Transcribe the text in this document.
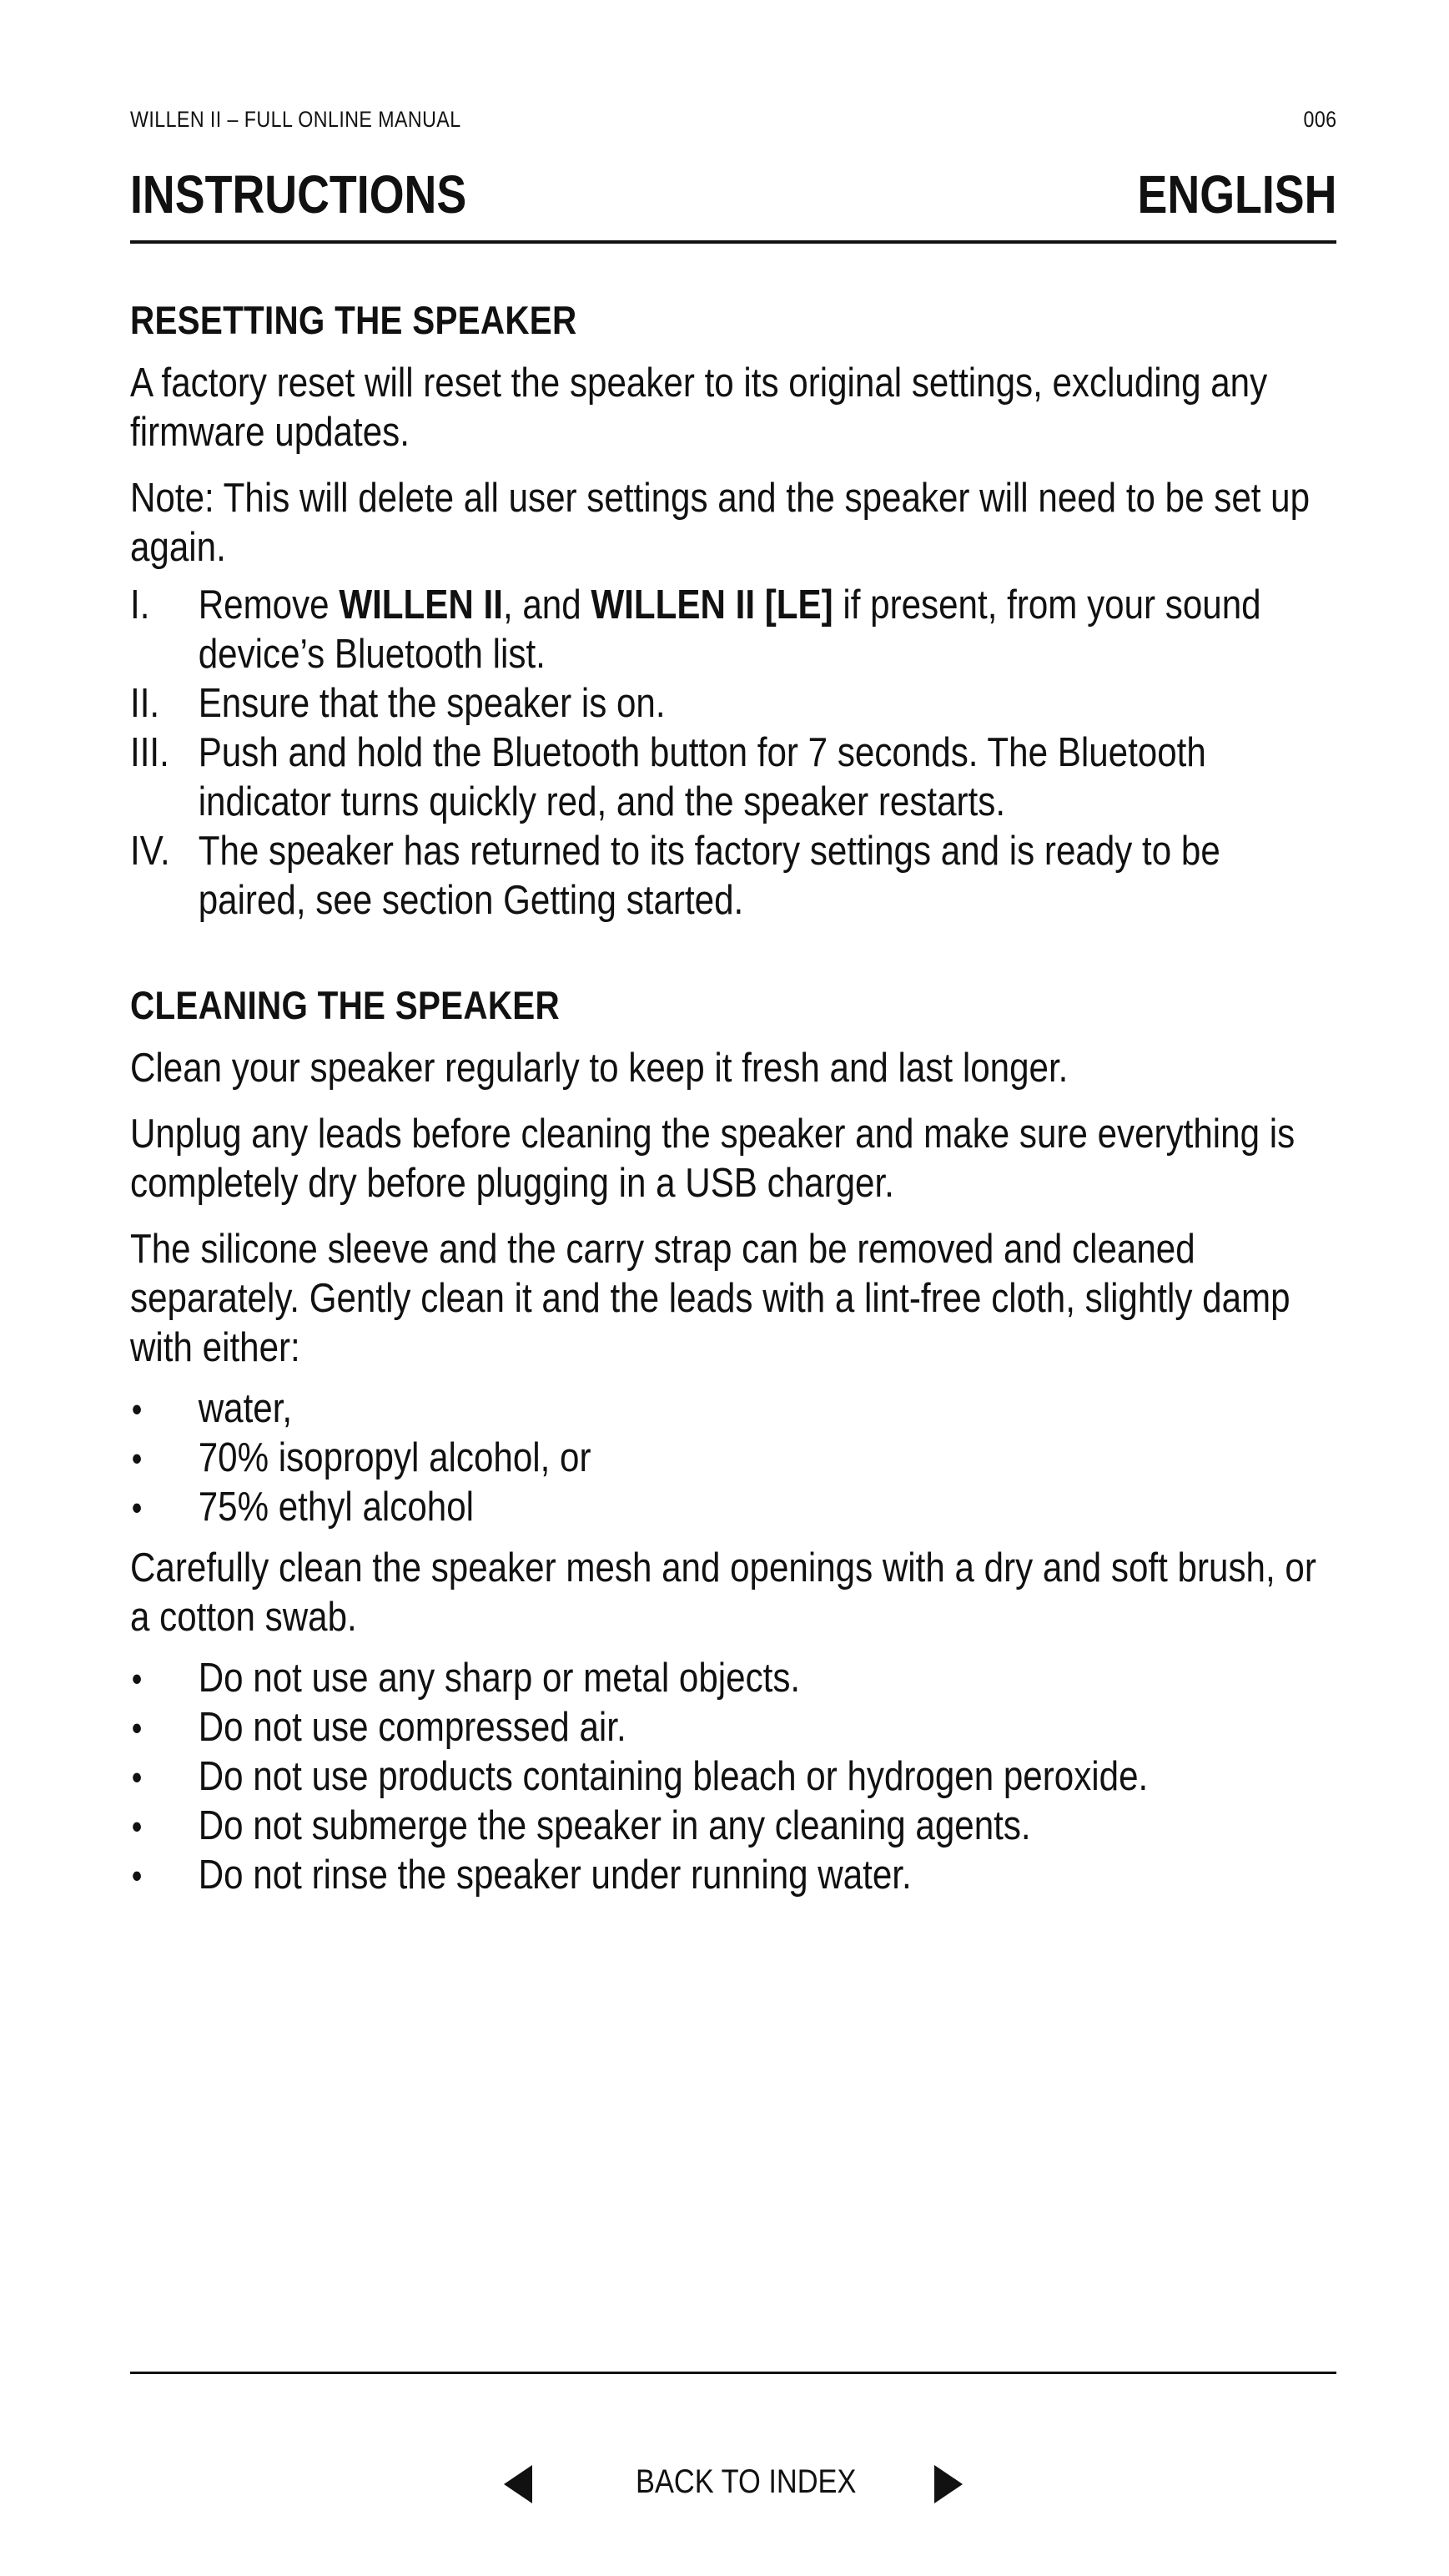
WILLEN II – FULL ONLINE MANUAL	006
INSTRUCTIONS	ENGLISH
RESETTING THE SPEAKER

A factory reset will reset the speaker to its original settings, excluding any firmware updates.

Note: This will delete all user settings and the speaker will need to be set up again.

I. Remove WILLEN II, and WILLEN II [LE] if present, from your sound device’s Bluetooth list.
II. Ensure that the speaker is on.
III. Push and hold the Bluetooth button for 7 seconds. The Bluetooth indicator turns quickly red, and the speaker restarts.
IV. The speaker has returned to its factory settings and is ready to be paired, see section Getting started.
CLEANING THE SPEAKER

Clean your speaker regularly to keep it fresh and last longer.

Unplug any leads before cleaning the speaker and make sure everything is completely dry before plugging in a USB charger.

The silicone sleeve and the carry strap can be removed and cleaned separately. Gently clean it and the leads with a lint-free cloth, slightly damp with either:

• water,
• 70% isopropyl alcohol, or
• 75% ethyl alcohol

Carefully clean the speaker mesh and openings with a dry and soft brush, or a cotton swab.

• Do not use any sharp or metal objects.
• Do not use compressed air.
• Do not use products containing bleach or hydrogen peroxide.
• Do not submerge the speaker in any cleaning agents.
• Do not rinse the speaker under running water.
BACK TO INDEX
